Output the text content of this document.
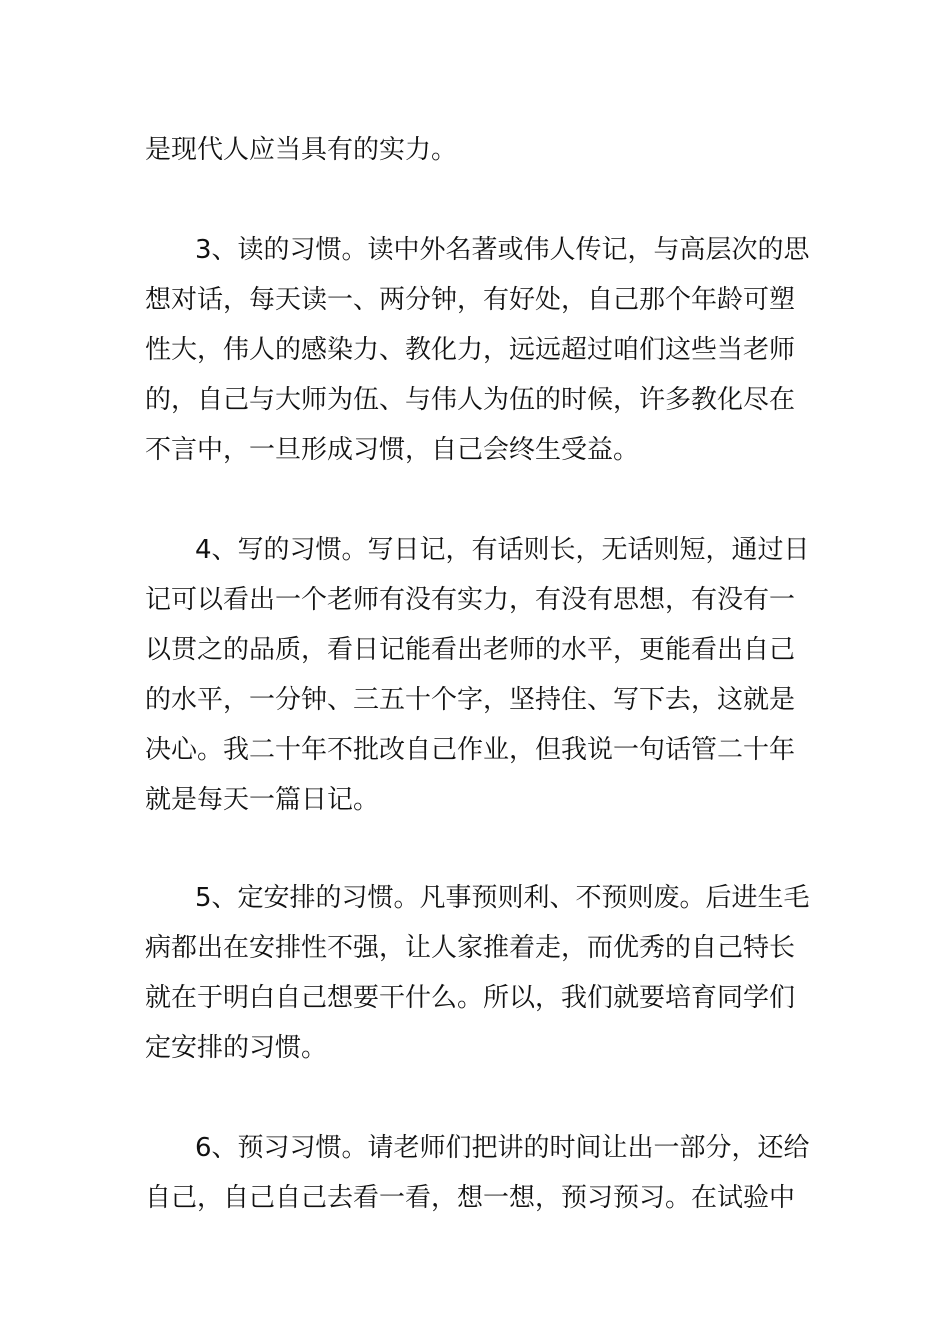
是现代人应当具有的实力。
3、读的习惯。读中外名著或伟人传记，与高层次的思
想对话，每天读一、两分钟，有好处，自己那个年龄可塑
性大，伟人的感染力、教化力，远远超过咱们这些当老师
的，自己与大师为伍、与伟人为伍的时候，许多教化尽在
不言中，一旦形成习惯，自己会终生受益。
4、写的习惯。写日记，有话则长，无话则短，通过日
记可以看出一个老师有没有实力，有没有思想，有没有一
以贯之的品质，看日记能看出老师的水平，更能看出自己
的水平，一分钟、三五十个字，坚持住、写下去，这就是
决心。我二十年不批改自己作业，但我说一句话管二十年
就是每天一篇日记。
5、定安排的习惯。凡事预则利、不预则废。后进生毛
病都出在安排性不强，让人家推着走，而优秀的自己特长
就在于明白自己想要干什么。所以，我们就要培育同学们
定安排的习惯。
6、预习习惯。请老师们把讲的时间让出一部分，还给
自己，自己自己去看一看，想一想，预习预习。在试验中
